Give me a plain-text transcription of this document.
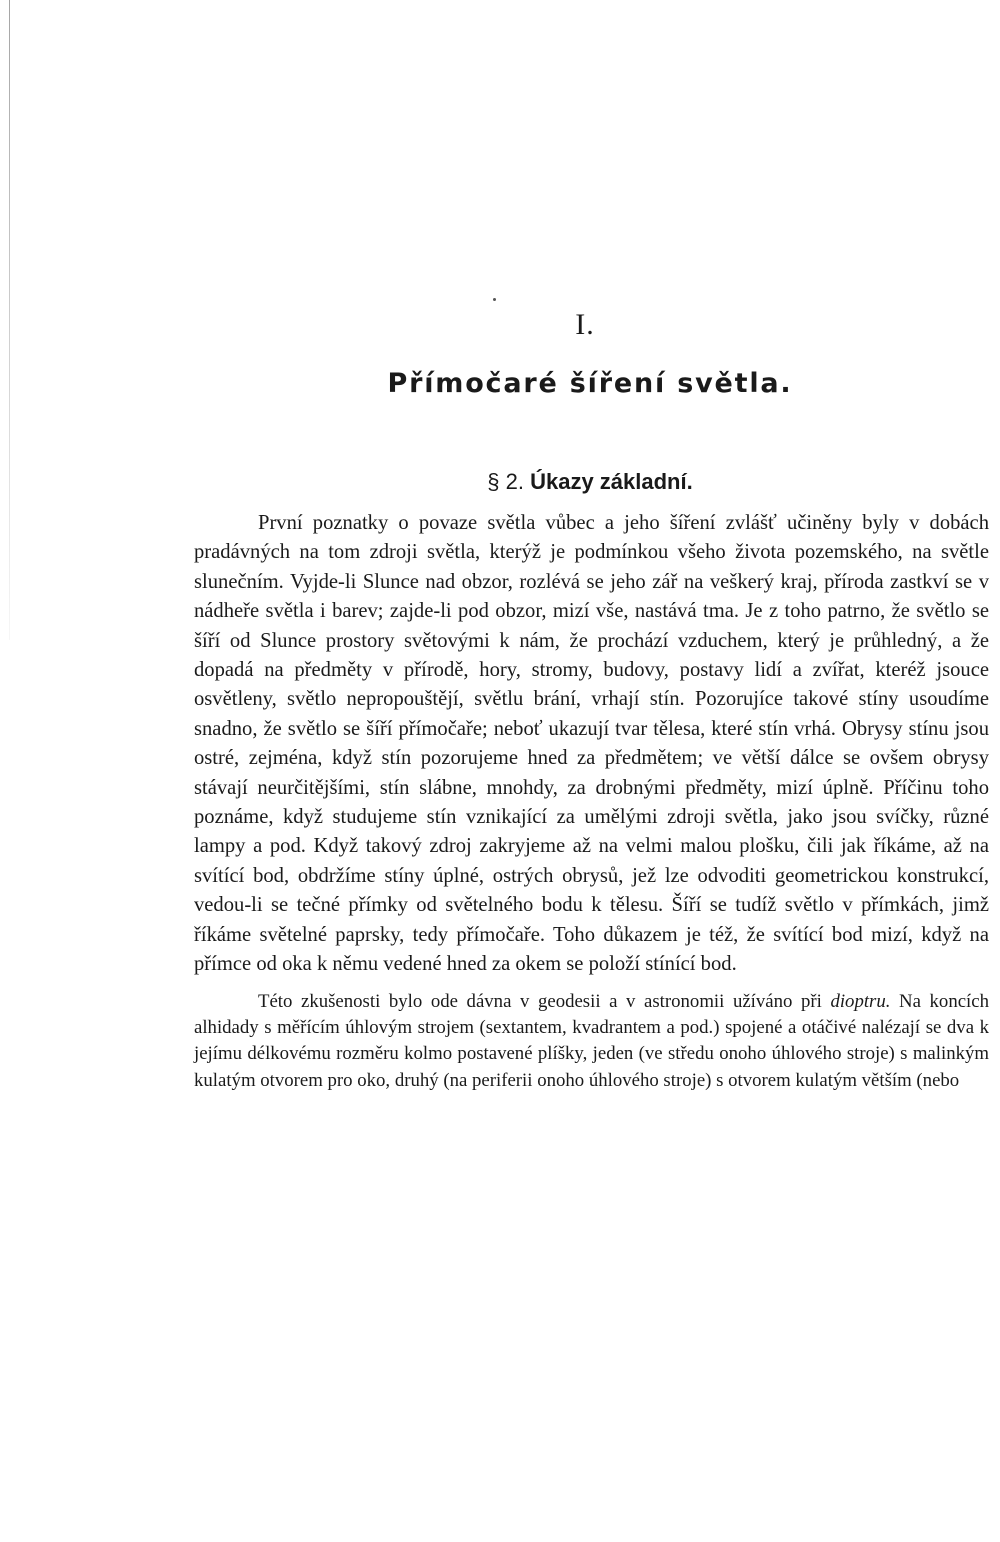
I.
Přímočaré šíření světla.
§ 2. Úkazy základní.

První poznatky o povaze světla vůbec a jeho šíření zvlášť učiněny byly v dobách pradávných na tom zdroji světla, kterýž je podmínkou všeho života pozemského, na světle slunečním. Vyjde-li Slunce nad obzor, rozlévá se jeho zář na veškerý kraj, příroda zastkví se v nádheře světla i barev; zajde-li pod obzor, mizí vše, nastává tma. Je z toho patrno, že světlo se šíří od Slunce prostory světovými k nám, že prochází vzduchem, který je průhledný, a že dopadá na předměty v přírodě, hory, stromy, budovy, postavy lidí a zvířat, kteréž jsouce osvětleny, světlo nepropouštějí, světlu brání, vrhají stín. Pozorujíce takové stíny usoudíme snadno, že světlo se šíří přímočaře; neboť ukazují tvar tělesa, které stín vrhá. Obrysy stínu jsou ostré, zejména, když stín pozorujeme hned za předmětem; ve větší dálce se ovšem obrysy stávají neurčitějšími, stín slábne, mnohdy, za drobnými předměty, mizí úplně. Příčinu toho poznáme, když studujeme stín vznikající za umělými zdroji světla, jako jsou svíčky, různé lampy a pod. Když takový zdroj zakryjeme až na velmi malou plošku, čili jak říkáme, až na svítící bod, obdržíme stíny úplné, ostrých obrysů, jež lze odvoditi geometrickou konstrukcí, vedou-li se tečné přímky od světelného bodu k tělesu. Šíří se tudíž světlo v přímkách, jimž říkáme světelné paprsky, tedy přímočaře. Toho důkazem je též, že svítící bod mizí, když na přímce od oka k němu vedené hned za okem se položí stínící bod.

Této zkušenosti bylo ode dávna v geodesii a v astronomii užíváno při dioptru. Na koncích alhidady s měřícím úhlovým strojem (sextantem, kvadrantem a pod.) spojené a otáčivé nalézají se dva k jejímu délkovému rozměru kolmo postavené plíšky, jeden (ve středu onoho úhlového stroje) s malinkým kulatým otvorem pro oko, druhý (na periferii onoho úhlového stroje) s otvorem kulatým větším (nebo
